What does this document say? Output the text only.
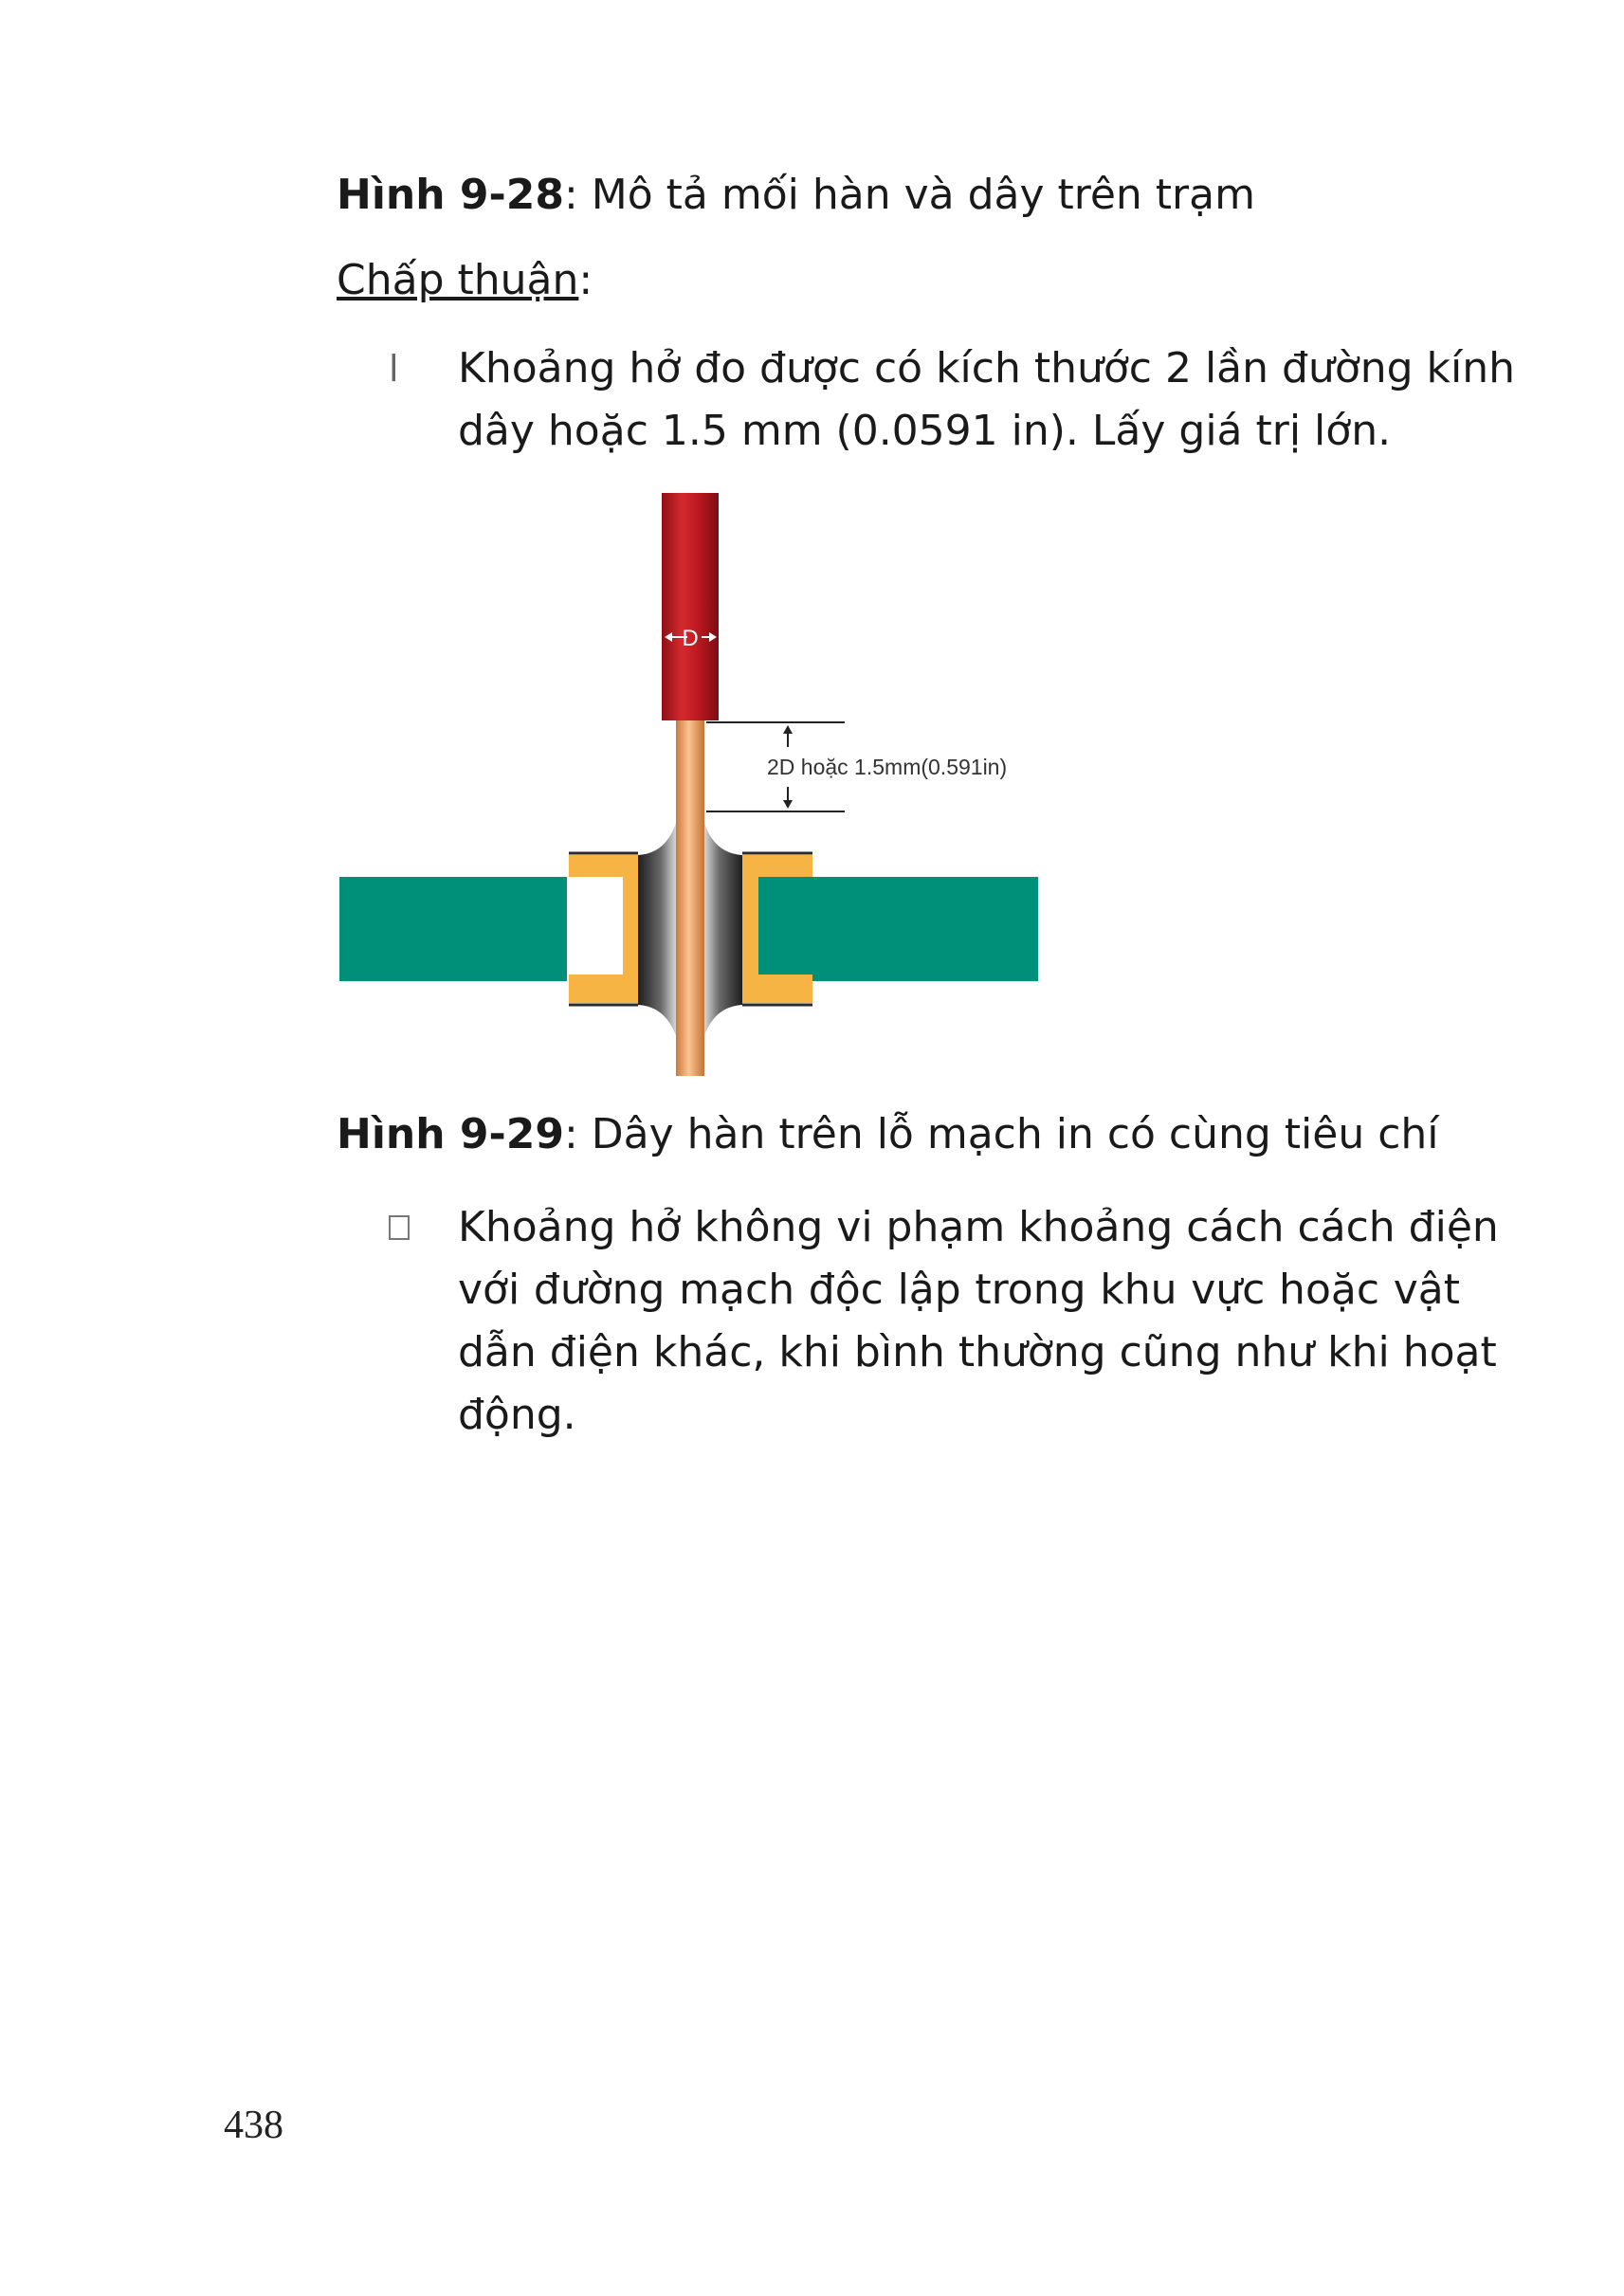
Hình 9-28: Mô tả mối hàn và dây trên trạm
Chấp thuận:
l Khoảng hở đo được có kích thước 2 lần đường kính
dây hoặc 1.5 mm (0.0591 in). Lấy giá trị lớn.
D
2D hoặc 1.5mm(0.591in)
Hình 9-29: Dây hàn trên lỗ mạch in có cùng tiêu chí
Khoảng hở không vi phạm khoảng cách cách điện
với đường mạch độc lập trong khu vực hoặc vật
dẫn điện khác, khi bình thường cũng như khi hoạt
động.
438
